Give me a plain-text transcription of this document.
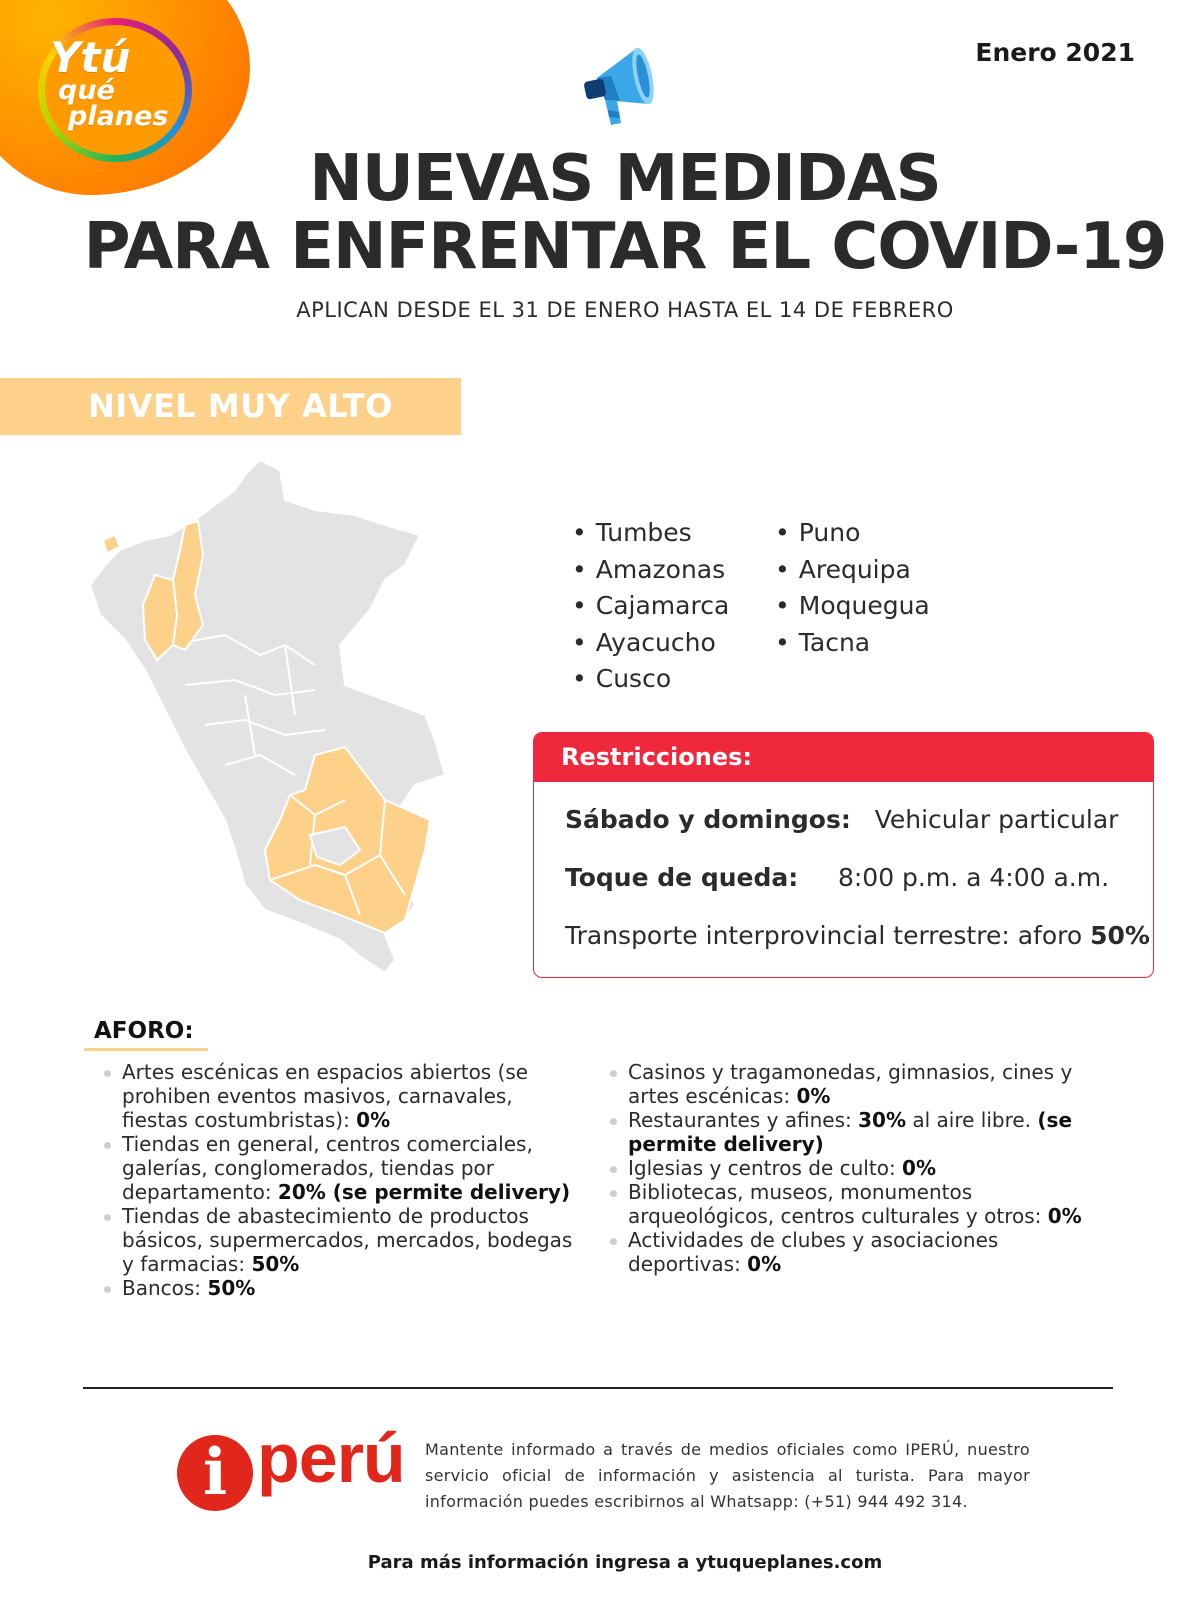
Ytú
qué
planes
Enero 2021
NUEVAS MEDIDAS
PARA ENFRENTAR EL COVID-19
APLICAN DESDE EL 31 DE ENERO HASTA EL 14 DE FEBRERO
NIVEL MUY ALTO
• Tumbes
• Amazonas
• Cajamarca
• Ayacucho
• Cusco
• Puno
• Arequipa
• Moquegua
• Tacna
Restricciones:
Sábado y domingos: Vehicular particular
Toque de queda: 8:00 p.m. a 4:00 a.m.
Transporte interprovincial terrestre: aforo 50%
AFORO:
Artes escénicas en espacios abiertos (se prohiben eventos masivos, carnavales, fiestas costumbristas): 0%
Tiendas en general, centros comerciales, galerías, conglomerados, tiendas por departamento: 20% (se permite delivery)
Tiendas de abastecimiento de productos básicos, supermercados, mercados, bodegas y farmacias: 50%
Bancos: 50%
Casinos y tragamonedas, gimnasios, cines y artes escénicas: 0%
Restaurantes y afines: 30% al aire libre. (se permite delivery)
Iglesias y centros de culto: 0%
Bibliotecas, museos, monumentos arqueológicos, centros culturales y otros: 0%
Actividades de clubes y asociaciones deportivas: 0%
i perú Mantente informado a través de medios oficiales como IPERÚ, nuestro servicio oficial de información y asistencia al turista. Para mayor información puedes escribirnos al Whatsapp: (+51) 944 492 314.
Para más información ingresa a ytuqueplanes.com
